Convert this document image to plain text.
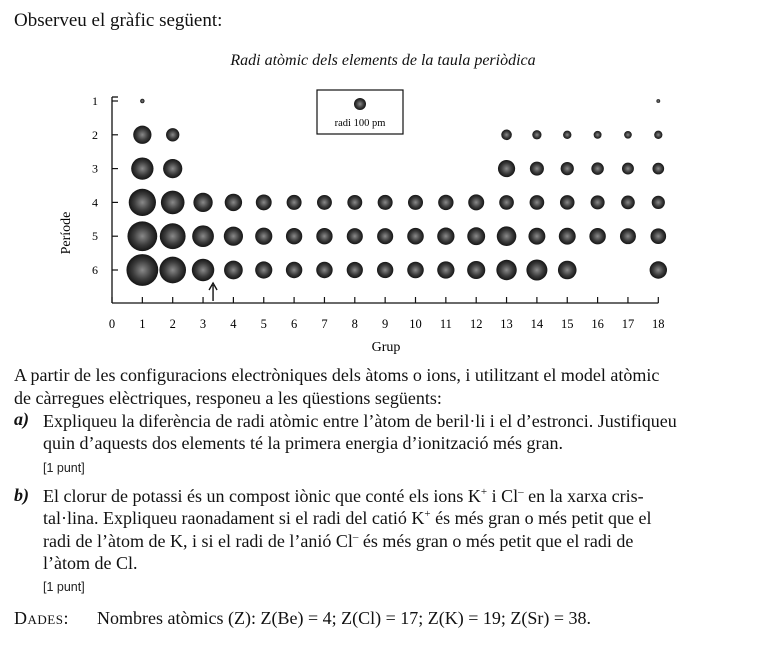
Observeu el gràfic següent:
Radi atòmic dels elements de la taula periòdica
1
2
3
4
5
6
0 1 2 3 4 5 6 7 8 9 10 11 12 13 14 15 16 17 18
radi 100 pm
Grup
Període
A partir de les configuracions electròniques dels àtoms o ions, i utilitzant el model atòmic
de càrregues elèctriques, responeu a les qüestions següents:
a) Expliqueu la diferència de radi atòmic entre l’àtom de beril·li i el d’estronci. Justifiqueu
quin d’aquests dos elements té la primera energia d’ionització més gran.
[1 punt]
b) El clorur de potassi és un compost iònic que conté els ions K+ i Cl– en la xarxa cris-
tal·lina. Expliqueu raonadament si el radi del catió K+ és més gran o més petit que el
radi de l’àtom de K, i si el radi de l’anió Cl– és més gran o més petit que el radi de
l’àtom de Cl.
[1 punt]
Dades: Nombres atòmics (Z): Z(Be) = 4; Z(Cl) = 17; Z(K) = 19; Z(Sr) = 38.
